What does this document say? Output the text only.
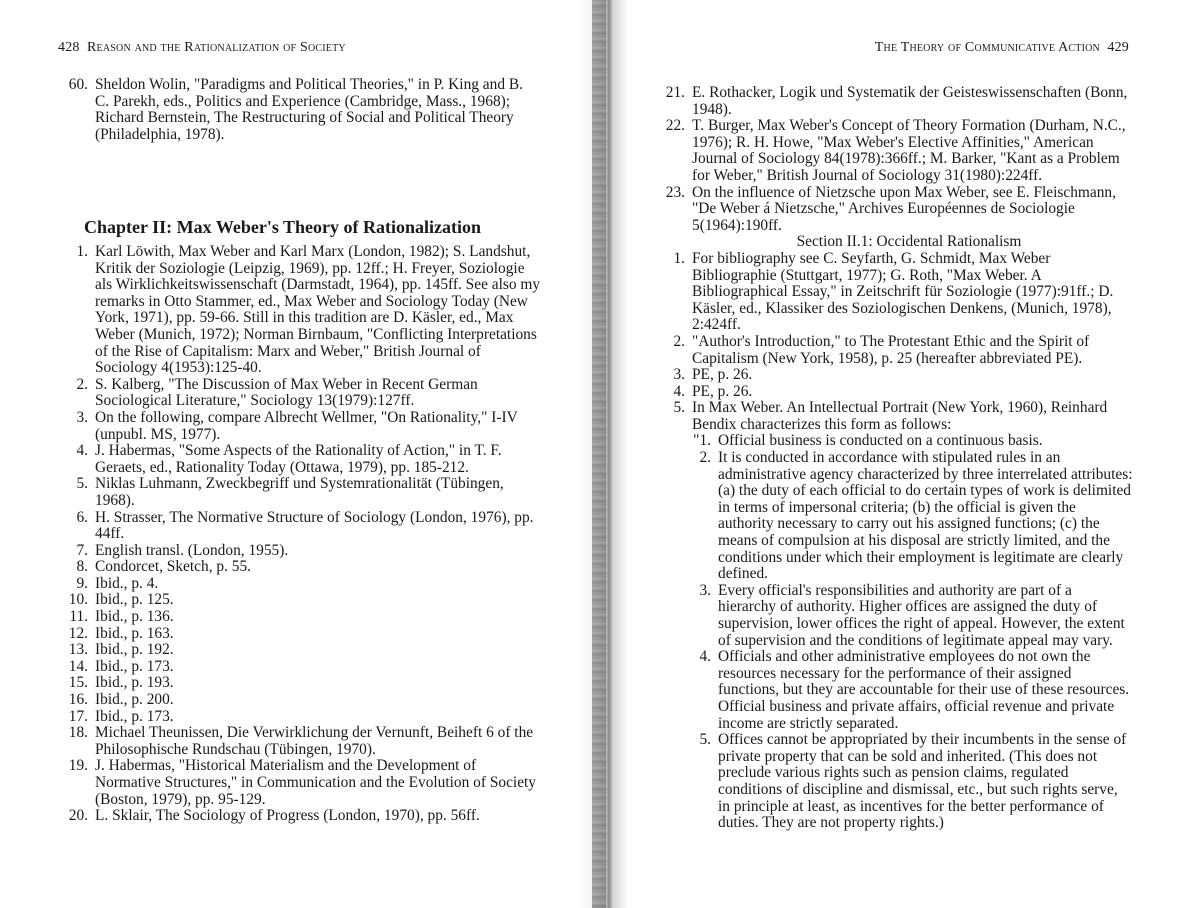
428 Reason and the Rationalization of Society
60. Sheldon Wolin, "Paradigms and Political Theories," in P. King and B. C. Parekh, eds., Politics and Experience (Cambridge, Mass., 1968); Richard Bernstein, The Restructuring of Social and Political Theory (Philadelphia, 1978).
Chapter II: Max Weber's Theory of Rationalization
1. Karl Löwith, Max Weber and Karl Marx (London, 1982); S. Landshut, Kritik der Soziologie (Leipzig, 1969), pp. 12ff.; H. Freyer, Soziologie als Wirklichkeitswissenschaft (Darmstadt, 1964), pp. 145ff. See also my remarks in Otto Stammer, ed., Max Weber and Sociology Today (New York, 1971), pp. 59-66. Still in this tradition are D. Käsler, ed., Max Weber (Munich, 1972); Norman Birnbaum, "Conflicting Interpretations of the Rise of Capitalism: Marx and Weber," British Journal of Sociology 4(1953):125-40.
2. S. Kalberg, "The Discussion of Max Weber in Recent German Sociological Literature," Sociology 13(1979):127ff.
3. On the following, compare Albrecht Wellmer, "On Rationality," I-IV (unpubl. MS, 1977).
4. J. Habermas, "Some Aspects of the Rationality of Action," in T. F. Geraets, ed., Rationality Today (Ottawa, 1979), pp. 185-212.
5. Niklas Luhmann, Zweckbegriff und Systemrationalität (Tübingen, 1968).
6. H. Strasser, The Normative Structure of Sociology (London, 1976), pp. 44ff.
7. English transl. (London, 1955).
8. Condorcet, Sketch, p. 55.
9. Ibid., p. 4.
10. Ibid., p. 125.
11. Ibid., p. 136.
12. Ibid., p. 163.
13. Ibid., p. 192.
14. Ibid., p. 173.
15. Ibid., p. 193.
16. Ibid., p. 200.
17. Ibid., p. 173.
18. Michael Theunissen, Die Verwirklichung der Vernunft, Beiheft 6 of the Philosophische Rundschau (Tübingen, 1970).
19. J. Habermas, "Historical Materialism and the Development of Normative Structures," in Communication and the Evolution of Society (Boston, 1979), pp. 95-129.
20. L. Sklair, The Sociology of Progress (London, 1970), pp. 56ff.
The Theory of Communicative Action 429
21. E. Rothacker, Logik und Systematik der Geisteswissenschaften (Bonn, 1948).
22. T. Burger, Max Weber's Concept of Theory Formation (Durham, N.C., 1976); R. H. Howe, "Max Weber's Elective Affinities," American Journal of Sociology 84(1978):366ff.; M. Barker, "Kant as a Problem for Weber," British Journal of Sociology 31(1980):224ff.
23. On the influence of Nietzsche upon Max Weber, see E. Fleischmann, "De Weber á Nietzsche," Archives Européennes de Sociologie 5(1964):190ff.
Section II.1: Occidental Rationalism
1. For bibliography see C. Seyfarth, G. Schmidt, Max Weber Bibliographie (Stuttgart, 1977); G. Roth, "Max Weber. A Bibliographical Essay," in Zeitschrift für Soziologie (1977):91ff.; D. Käsler, ed., Klassiker des Soziologischen Denkens, (Munich, 1978), 2:424ff.
2. "Author's Introduction," to The Protestant Ethic and the Spirit of Capitalism (New York, 1958), p. 25 (hereafter abbreviated PE).
3. PE, p. 26.
4. PE, p. 26.
5. In Max Weber. An Intellectual Portrait (New York, 1960), Reinhard Bendix characterizes this form as follows:
"1. Official business is conducted on a continuous basis.
2. It is conducted in accordance with stipulated rules in an administrative agency characterized by three interrelated attributes: (a) the duty of each official to do certain types of work is delimited in terms of impersonal criteria; (b) the official is given the authority necessary to carry out his assigned functions; (c) the means of compulsion at his disposal are strictly limited, and the conditions under which their employment is legitimate are clearly defined.
3. Every official's responsibilities and authority are part of a hierarchy of authority. Higher offices are assigned the duty of supervision, lower offices the right of appeal. However, the extent of supervision and the conditions of legitimate appeal may vary.
4. Officials and other administrative employees do not own the resources necessary for the performance of their assigned functions, but they are accountable for their use of these resources. Official business and private affairs, official revenue and private income are strictly separated.
5. Offices cannot be appropriated by their incumbents in the sense of private property that can be sold and inherited. (This does not preclude various rights such as pension claims, regulated conditions of discipline and dismissal, etc., but such rights serve, in principle at least, as incentives for the better performance of duties. They are not property rights.)
